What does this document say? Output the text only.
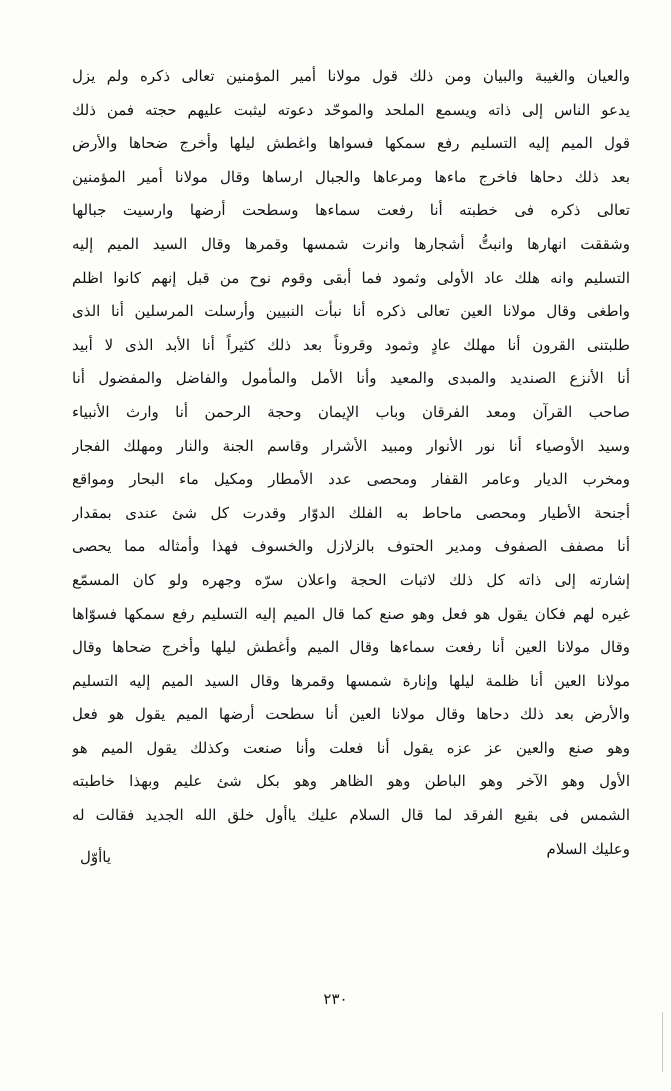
والعيان والغيبة والبيان ومن ذلك قول مولانا أمير المؤمنين تعالى ذكره ولم يزل
يدعو الناس إلى ذاته ويسمع الملحد والموحّد دعوته ليثبت عليهم حجته فمن ذلك
قول الميم إليه التسليم رفع سمكها فسواها واغطش ليلها وأخرج ضحاها والأرض
بعد ذلك دحاها فاخرج ماءها ومرعاها والجبال ارساها وقال مولانا أمير المؤمنين
تعالى ذكره فى خطبته أنا رفعت سماءها وسطحت أرضها وارسيت جبالها
وشققت انهارها وانبتُّ أشجارها وانرت شمسها وقمرها وقال السيد الميم إليه
التسليم وانه هلك عاد الأولى وثمود فما أبقى وقوم نوح من قبل إنهم كانوا اظلم
واطغى وقال مولانا العين تعالى ذكره أنا نبأت النبيين وأرسلت المرسلين أنا الذى
طلبتنى القرون أنا مهلك عادٍ وثمود وقروناً بعد ذلك كثيراً أنا الأبد الذى لا أبيد
أنا الأنزع الصنديد والمبدى والمعيد وأنا الأمل والمأمول والفاضل والمفضول أنا
صاحب القرآن ومعد الفرقان وباب الإيمان وحجة الرحمن أنا وارث الأنبياء
وسيد الأوصياء أنا نور الأنوار ومبيد الأشرار وقاسم الجنة والنار ومهلك الفجار
ومخرب الديار وعامر القفار ومحصى عدد الأمطار ومكيل ماء البحار ومواقع
أجنحة الأطيار ومحصى ماحاط به الفلك الدوّار وقدرت كل شئ عندى بمقدار
أنا مصفف الصفوف ومدير الحتوف بالزلازل والخسوف فهذا وأمثاله مما يحصى
إشارته إلى ذاته كل ذلك لاثبات الحجة واعلان سرّه وجهره ولو كان المسمّع
غيره لهم فكان يقول هو فعل وهو صنع كما قال الميم إليه التسليم رفع سمكها فسوّاها
وقال مولانا العين أنا رفعت سماءها وقال الميم وأغطش ليلها وأخرج ضحاها وقال
مولانا العين أنا ظلمة ليلها وإنارة شمسها وقمرها وقال السيد الميم إليه التسليم
والأرض بعد ذلك دحاها وقال مولانا العين أنا سطحت أرضها الميم يقول هو فعل
وهو صنع والعين عز عزه يقول أنا فعلت وأنا صنعت وكذلك يقول الميم هو
الأول وهو الآخر وهو الباطن وهو الظاهر وهو بكل شئ عليم وبهذا خاطبته
الشمس فى بقيع الفرقد لما قال السلام عليك ياأول خلق الله الجديد فقالت له
وعليك السلام
ياأوّل
٢٣٠
